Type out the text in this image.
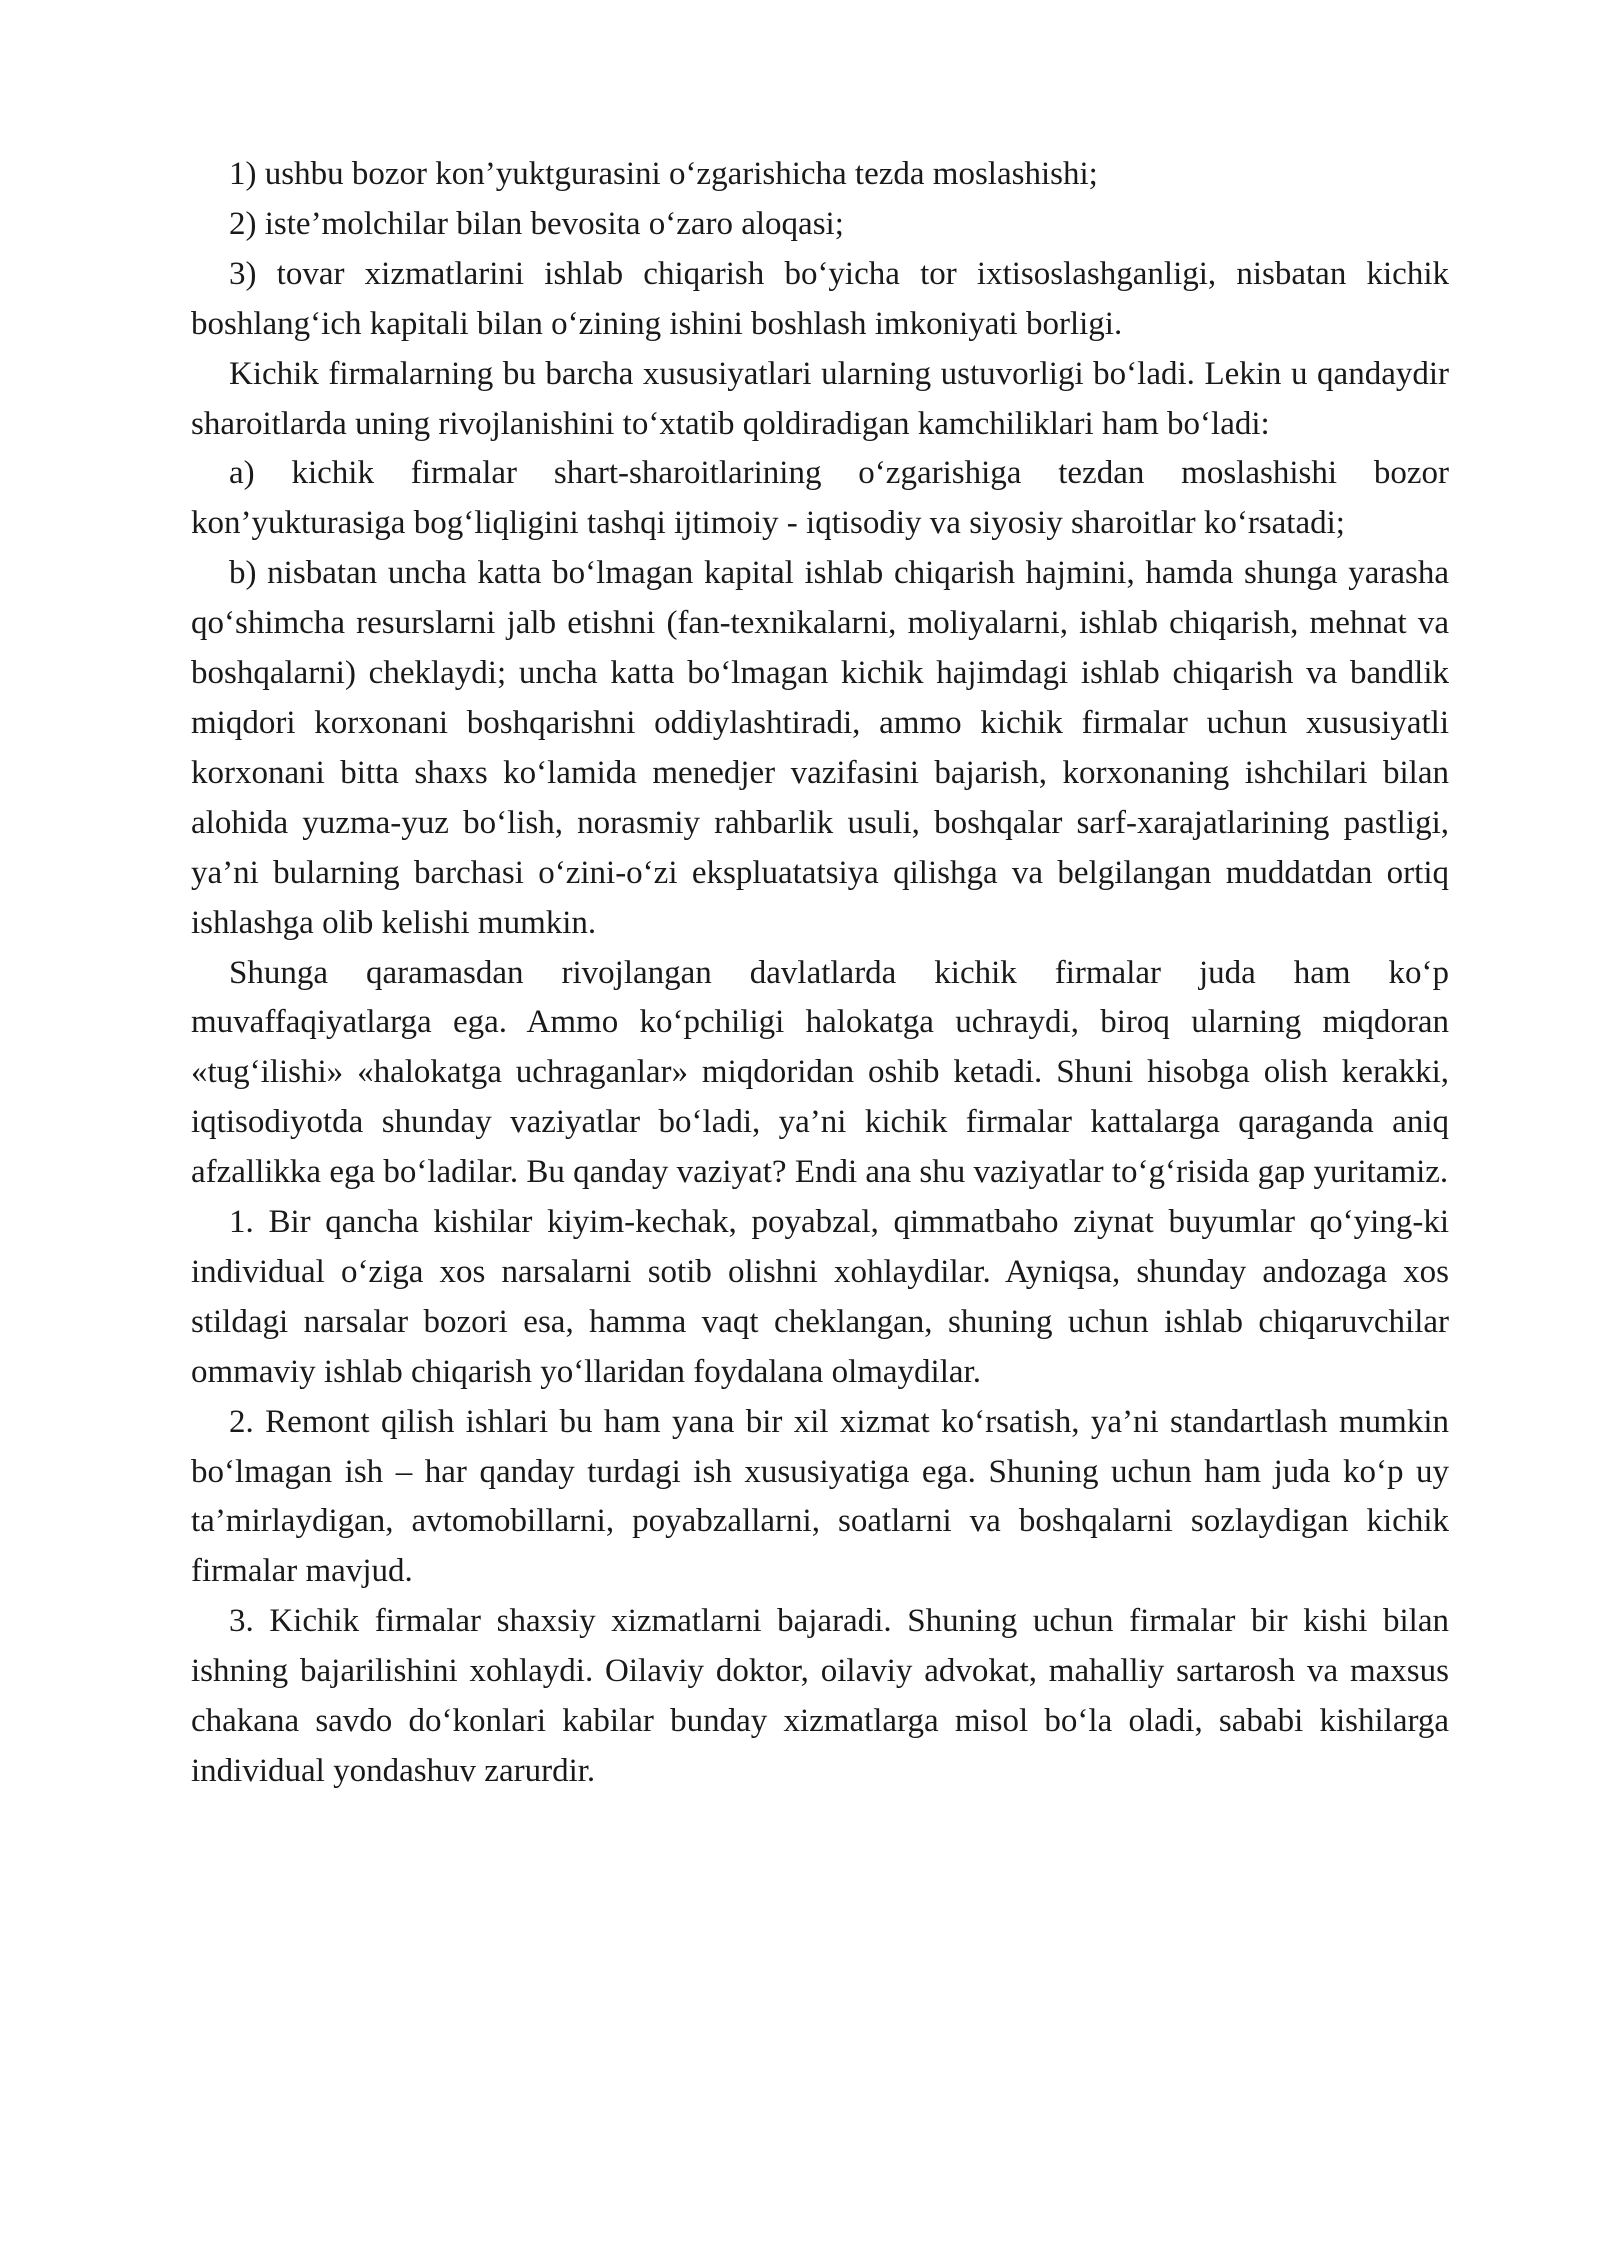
1) ushbu bozor kon’yuktgurasini o‘zgarishicha tezda moslashishi;

2) iste’molchilar bilan bevosita o‘zaro aloqasi;

3) tovar xizmatlarini ishlab chiqarish bo‘yicha tor ixtisoslashganligi, nisbatan kichik boshlang‘ich kapitali bilan o‘zining ishini boshlash imkoniyati borligi.

Kichik firmalarning bu barcha xususiyatlari ularning ustuvorligi bo‘ladi. Lekin u qandaydir sharoitlarda uning rivojlanishini to‘xtatib qoldiradigan kamchiliklari ham bo‘ladi:

a) kichik firmalar shart-sharoitlarining o‘zgarishiga tezdan moslashishi bozor kon’yukturasiga bog‘liqligini tashqi ijtimoiy - iqtisodiy va siyosiy sharoitlar ko‘rsatadi;

b) nisbatan uncha katta bo‘lmagan kapital ishlab chiqarish hajmini, hamda shunga yarasha qo‘shimcha resurslarni jalb etishni (fan-texnikalarni, moliyalarni, ishlab chiqarish, mehnat va boshqalarni) cheklaydi; uncha katta bo‘lmagan kichik hajimdagi ishlab chiqarish va bandlik miqdori korxonani boshqarishni oddiylashtiradi, ammo kichik firmalar uchun xususiyatli korxonani bitta shaxs ko‘lamida menedjer vazifasini bajarish, korxonaning ishchilari bilan alohida yuzma-yuz bo‘lish, norasmiy rahbarlik usuli, boshqalar sarf-xarajatlarining pastligi, ya’ni bularning barchasi o‘zini-o‘zi ekspluatatsiya qilishga va belgilangan muddatdan ortiq ishlashga olib kelishi mumkin.

Shunga qaramasdan rivojlangan davlatlarda kichik firmalar juda ham ko‘p muvaffaqiyatlarga ega. Ammo ko‘pchiligi halokatga uchraydi, biroq ularning miqdoran «tug‘ilishi» «halokatga uchraganlar» miqdoridan oshib ketadi. Shuni hisobga olish kerakki, iqtisodiyotda shunday vaziyatlar bo‘ladi, ya’ni kichik firmalar kattalarga qaraganda aniq afzallikka ega bo‘ladilar. Bu qanday vaziyat? Endi ana shu vaziyatlar to‘g‘risida gap yuritamiz.

1. Bir qancha kishilar kiyim-kechak, poyabzal, qimmatbaho ziynat buyumlar qo‘ying-ki individual o‘ziga xos narsalarni sotib olishni xohlaydilar. Ayniqsa, shunday andozaga xos stildagi narsalar bozori esa, hamma vaqt cheklangan, shuning uchun ishlab chiqaruvchilar ommaviy ishlab chiqarish yo‘llaridan foydalana olmaydilar.

2. Remont qilish ishlari bu ham yana bir xil xizmat ko‘rsatish, ya’ni standartlash mumkin bo‘lmagan ish – har qanday turdagi ish xususiyatiga ega. Shuning uchun ham juda ko‘p uy ta’mirlaydigan, avtomobillarni, poyabzallarni, soatlarni va boshqalarni sozlaydigan kichik firmalar mavjud.

3. Kichik firmalar shaxsiy xizmatlarni bajaradi. Shuning uchun firmalar bir kishi bilan ishning bajarilishini xohlaydi. Oilaviy doktor, oilaviy advokat, mahalliy sartarosh va maxsus chakana savdo do‘konlari kabilar bunday xizmatlarga misol bo‘la oladi, sababi kishilarga individual yondashuv zarurdir.
